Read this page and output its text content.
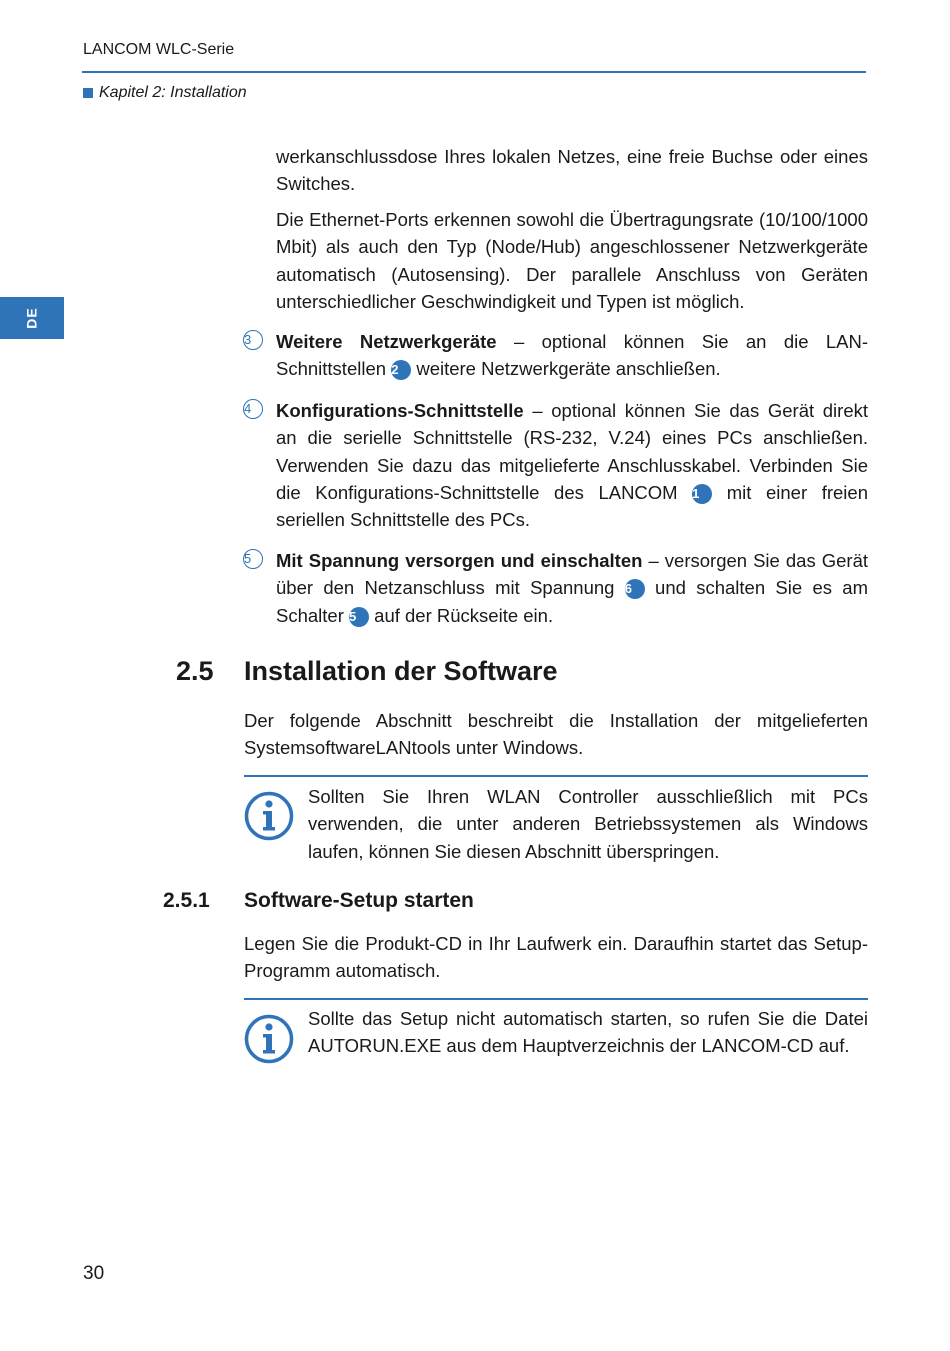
LANCOM WLC-Serie
Kapitel 2: Installation
DE
werkanschlussdose Ihres lokalen Netzes, eine freie Buchse oder eines Switches.
Die Ethernet-Ports erkennen sowohl die Übertragungsrate (10/100/1000 Mbit) als auch den Typ (Node/Hub) angeschlossener Netzwerkgeräte automatisch (Autosensing). Der parallele Anschluss von Geräten unterschiedlicher Geschwindigkeit und Typen ist möglich.
3	Weitere Netzwerkgeräte – optional können Sie an die LAN-Schnittstellen 2 weitere Netzwerkgeräte anschließen.
4	Konfigurations-Schnittstelle – optional können Sie das Gerät direkt an die serielle Schnittstelle (RS-232, V.24) eines PCs anschließen. Verwenden Sie dazu das mitgelieferte Anschlusskabel. Verbinden Sie die Konfigurations-Schnittstelle des LANCOM 1 mit einer freien seriellen Schnittstelle des PCs.
5	Mit Spannung versorgen und einschalten – versorgen Sie das Gerät über den Netzanschluss mit Spannung 6 und schalten Sie es am Schalter 5 auf der Rückseite ein.
2.5 Installation der Software
Der folgende Abschnitt beschreibt die Installation der mitgelieferten SystemsoftwareLANtools unter Windows.
Sollten Sie Ihren WLAN Controller ausschließlich mit PCs verwenden, die unter anderen Betriebssystemen als Windows laufen, können Sie diesen Abschnitt überspringen.
2.5.1 Software-Setup starten
Legen Sie die Produkt-CD in Ihr Laufwerk ein. Daraufhin startet das Setup-Programm automatisch.
Sollte das Setup nicht automatisch starten, so rufen Sie die Datei AUTORUN.EXE aus dem Hauptverzeichnis der LANCOM-CD auf.
30
